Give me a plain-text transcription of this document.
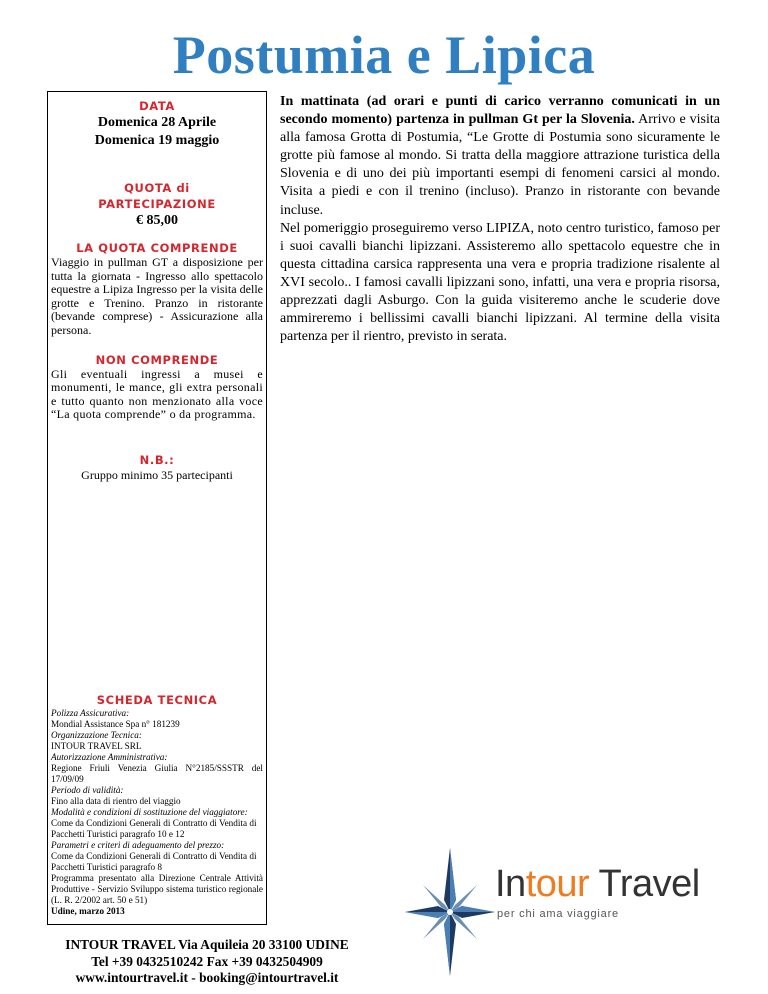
Postumia e Lipica
DATA
Domenica 28 Aprile
Domenica 19 maggio
QUOTA di
PARTECIPAZIONE
€ 85,00
LA QUOTA COMPRENDE
Viaggio in pullman GT a disposizione per tutta la giornata - Ingresso allo spettacolo equestre a Lipiza Ingresso per la visita delle grotte e Trenino. Pranzo in ristorante (bevande comprese) - Assicurazione alla persona.
NON COMPRENDE
Gli eventuali ingressi a musei e monumenti, le mance, gli extra personali e tutto quanto non menzionato alla voce “La quota comprende” o da programma.
N.B.:
Gruppo minimo 35 partecipanti
SCHEDA TECNICA
Polizza Assicurativa:
Mondial Assistance Spa n° 181239
Organizzazione Tecnica:
INTOUR TRAVEL SRL
Autorizzazione Amministrativa:
Regione Friuli Venezia Giulia N°2185/SSSTR del 17/09/09
Periodo di validità:
Fino alla data di rientro del viaggio
Modalità e condizioni di sostituzione del viaggiatore:
Come da Condizioni Generali di Contratto di Vendita di Pacchetti Turistici paragrafo 10 e 12
Parametri e criteri di adeguamento del prezzo:
Come da Condizioni Generali di Contratto di Vendita di Pacchetti Turistici paragrafo 8
Programma presentato alla Direzione Centrale Attività Produttive - Servizio Sviluppo sistema turistico regionale (L. R. 2/2002 art. 50 e 51)
Udine, marzo 2013
In mattinata (ad orari e punti di carico verranno comunicati in un secondo momento) partenza in pullman Gt per la Slovenia. Arrivo e visita alla famosa Grotta di Postumia, “Le Grotte di Postumia sono sicuramente le grotte più famose al mondo. Si tratta della maggiore attrazione turistica della Slovenia e di uno dei più importanti esempi di fenomeni carsici al mondo. Visita a piedi e con il trenino (incluso). Pranzo in ristorante con bevande incluse.
Nel pomeriggio proseguiremo verso LIPIZA, noto centro turistico, famoso per i suoi cavalli bianchi lipizzani. Assisteremo allo spettacolo equestre che in questa cittadina carsica rappresenta una vera e propria tradizione risalente al XVI secolo.. I famosi cavalli lipizzani sono, infatti, una vera e propria risorsa, apprezzati dagli Asburgo. Con la guida visiteremo anche le scuderie dove ammireremo i bellissimi cavalli bianchi lipizzani. Al termine della visita partenza per il rientro, previsto in serata.
INTOUR TRAVEL Via Aquileia 20 33100 UDINE
Tel +39 0432510242 Fax +39 0432504909
www.intourtravel.it - booking@intourtravel.it
Intour Travel
per chi ama viaggiare
